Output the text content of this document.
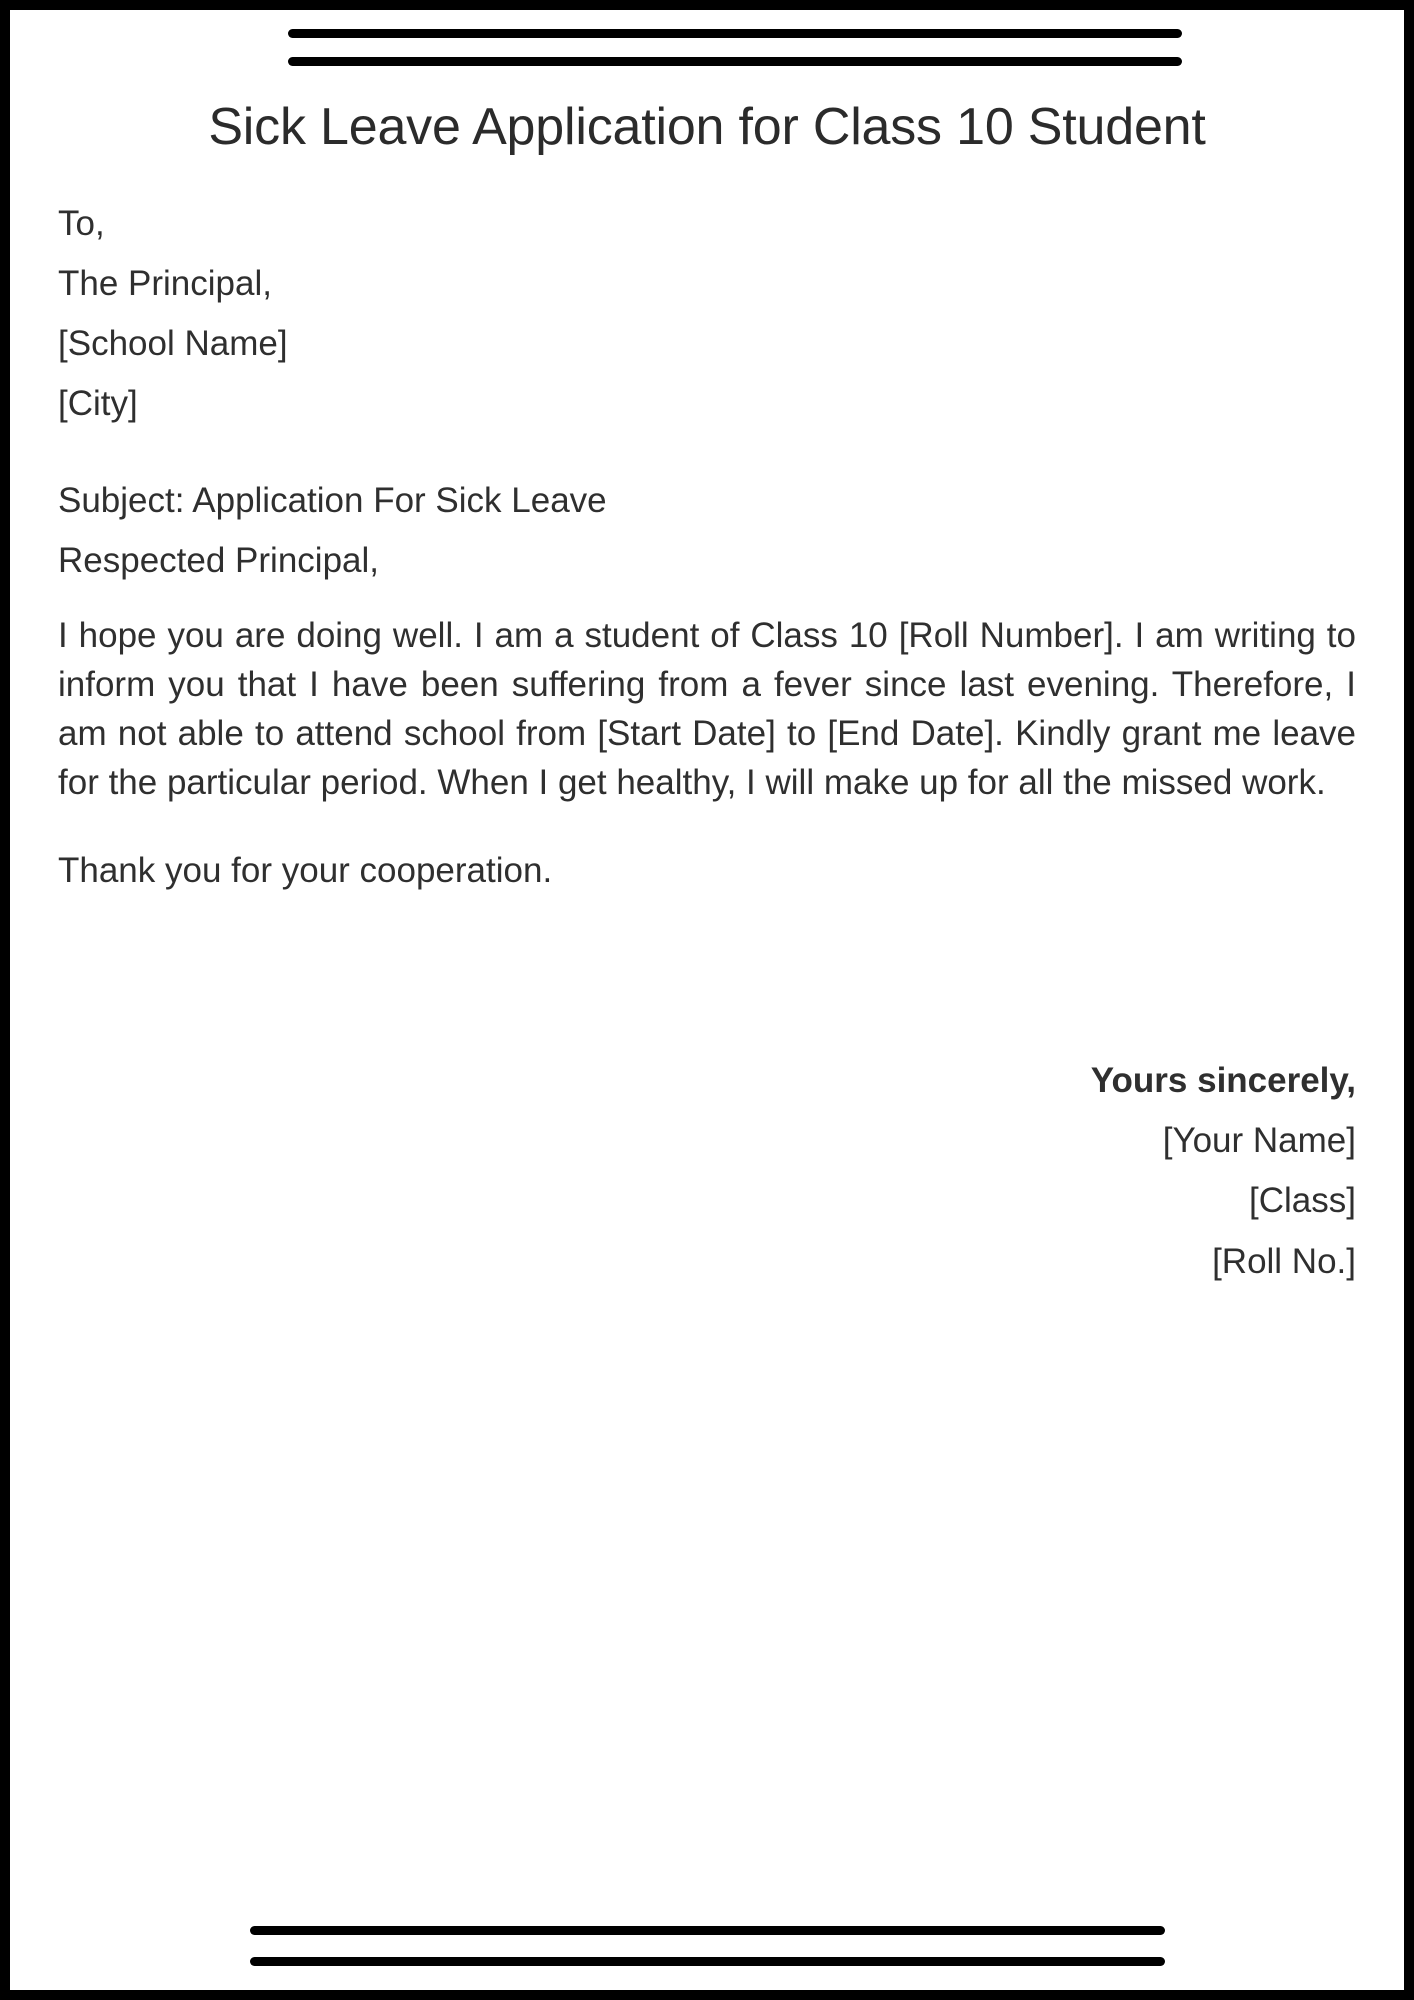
Sick Leave Application for Class 10 Student

To,

The Principal,

[School Name]

[City]

Subject: Application For Sick Leave

Respected Principal,

I hope you are doing well. I am a student of Class 10 [Roll Number]. I am writing to inform you that I have been suffering from a fever since last evening. Therefore, I am not able to attend school from [Start Date] to [End Date]. Kindly grant me leave for the particular period. When I get healthy, I will make up for all the missed work.

Thank you for your cooperation.

Yours sincerely,

[Your Name]

[Class]

[Roll No.]
